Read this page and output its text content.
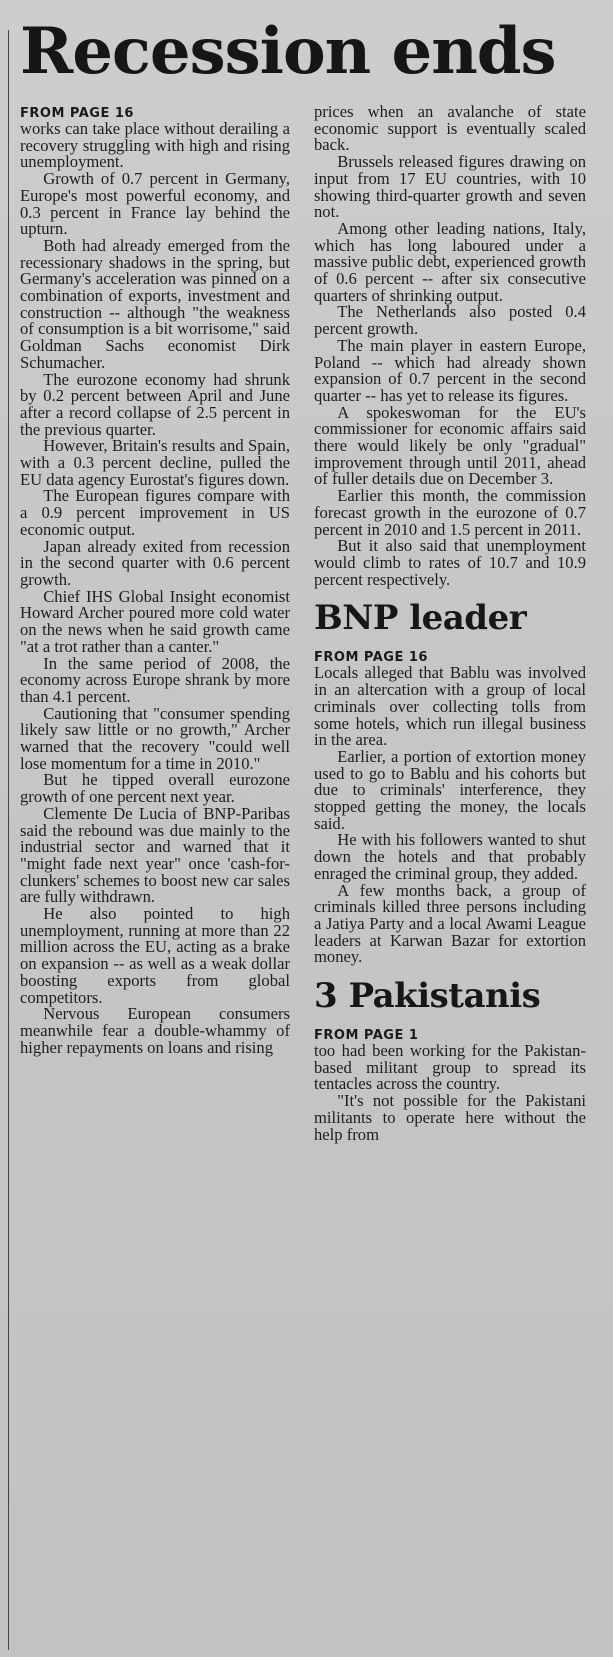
Recession ends
FROM PAGE 16

works can take place without derailing a recovery struggling with high and rising unemployment.

Growth of 0.7 percent in Germany, Europe's most powerful economy, and 0.3 percent in France lay behind the upturn.

Both had already emerged from the recessionary shadows in the spring, but Germany's acceleration was pinned on a combination of exports, investment and construction -- although "the weakness of consumption is a bit worrisome," said Goldman Sachs economist Dirk Schumacher.

The eurozone economy had shrunk by 0.2 percent between April and June after a record collapse of 2.5 percent in the previous quarter.

However, Britain's results and Spain, with a 0.3 percent decline, pulled the EU data agency Eurostat's figures down.

The European figures compare with a 0.9 percent improvement in US economic output.

Japan already exited from recession in the second quarter with 0.6 percent growth.

Chief IHS Global Insight economist Howard Archer poured more cold water on the news when he said growth came "at a trot rather than a canter."

In the same period of 2008, the economy across Europe shrank by more than 4.1 percent.

Cautioning that "consumer spending likely saw little or no growth," Archer warned that the recovery "could well lose momentum for a time in 2010."

But he tipped overall eurozone growth of one percent next year.

Clemente De Lucia of BNP-Paribas said the rebound was due mainly to the industrial sector and warned that it "might fade next year" once 'cash-for-clunkers' schemes to boost new car sales are fully withdrawn.

He also pointed to high unemployment, running at more than 22 million across the EU, acting as a brake on expansion -- as well as a weak dollar boosting exports from global competitors.

Nervous European consumers meanwhile fear a double-whammy of higher repayments on loans and rising

prices when an avalanche of state economic support is eventually scaled back.

Brussels released figures drawing on input from 17 EU countries, with 10 showing third-quarter growth and seven not.

Among other leading nations, Italy, which has long laboured under a massive public debt, experienced growth of 0.6 percent -- after six consecutive quarters of shrinking output.

The Netherlands also posted 0.4 percent growth.

The main player in eastern Europe, Poland -- which had already shown expansion of 0.7 percent in the second quarter -- has yet to release its figures.

A spokeswoman for the EU's commissioner for economic affairs said there would likely be only "gradual" improvement through until 2011, ahead of fuller details due on December 3.

Earlier this month, the commission forecast growth in the eurozone of 0.7 percent in 2010 and 1.5 percent in 2011.

But it also said that unemployment would climb to rates of 10.7 and 10.9 percent respectively.

BNP leader
FROM PAGE 16

Locals alleged that Bablu was involved in an altercation with a group of local criminals over collecting tolls from some hotels, which run illegal business in the area.

Earlier, a portion of extortion money used to go to Bablu and his cohorts but due to criminals' interference, they stopped getting the money, the locals said.

He with his followers wanted to shut down the hotels and that probably enraged the criminal group, they added.

A few months back, a group of criminals killed three persons including a Jatiya Party and a local Awami League leaders at Karwan Bazar for extortion money.

3 Pakistanis
FROM PAGE 1

too had been working for the Pakistan-based militant group to spread its tentacles across the country.

"It's not possible for the Pakistani militants to operate here without the help from
